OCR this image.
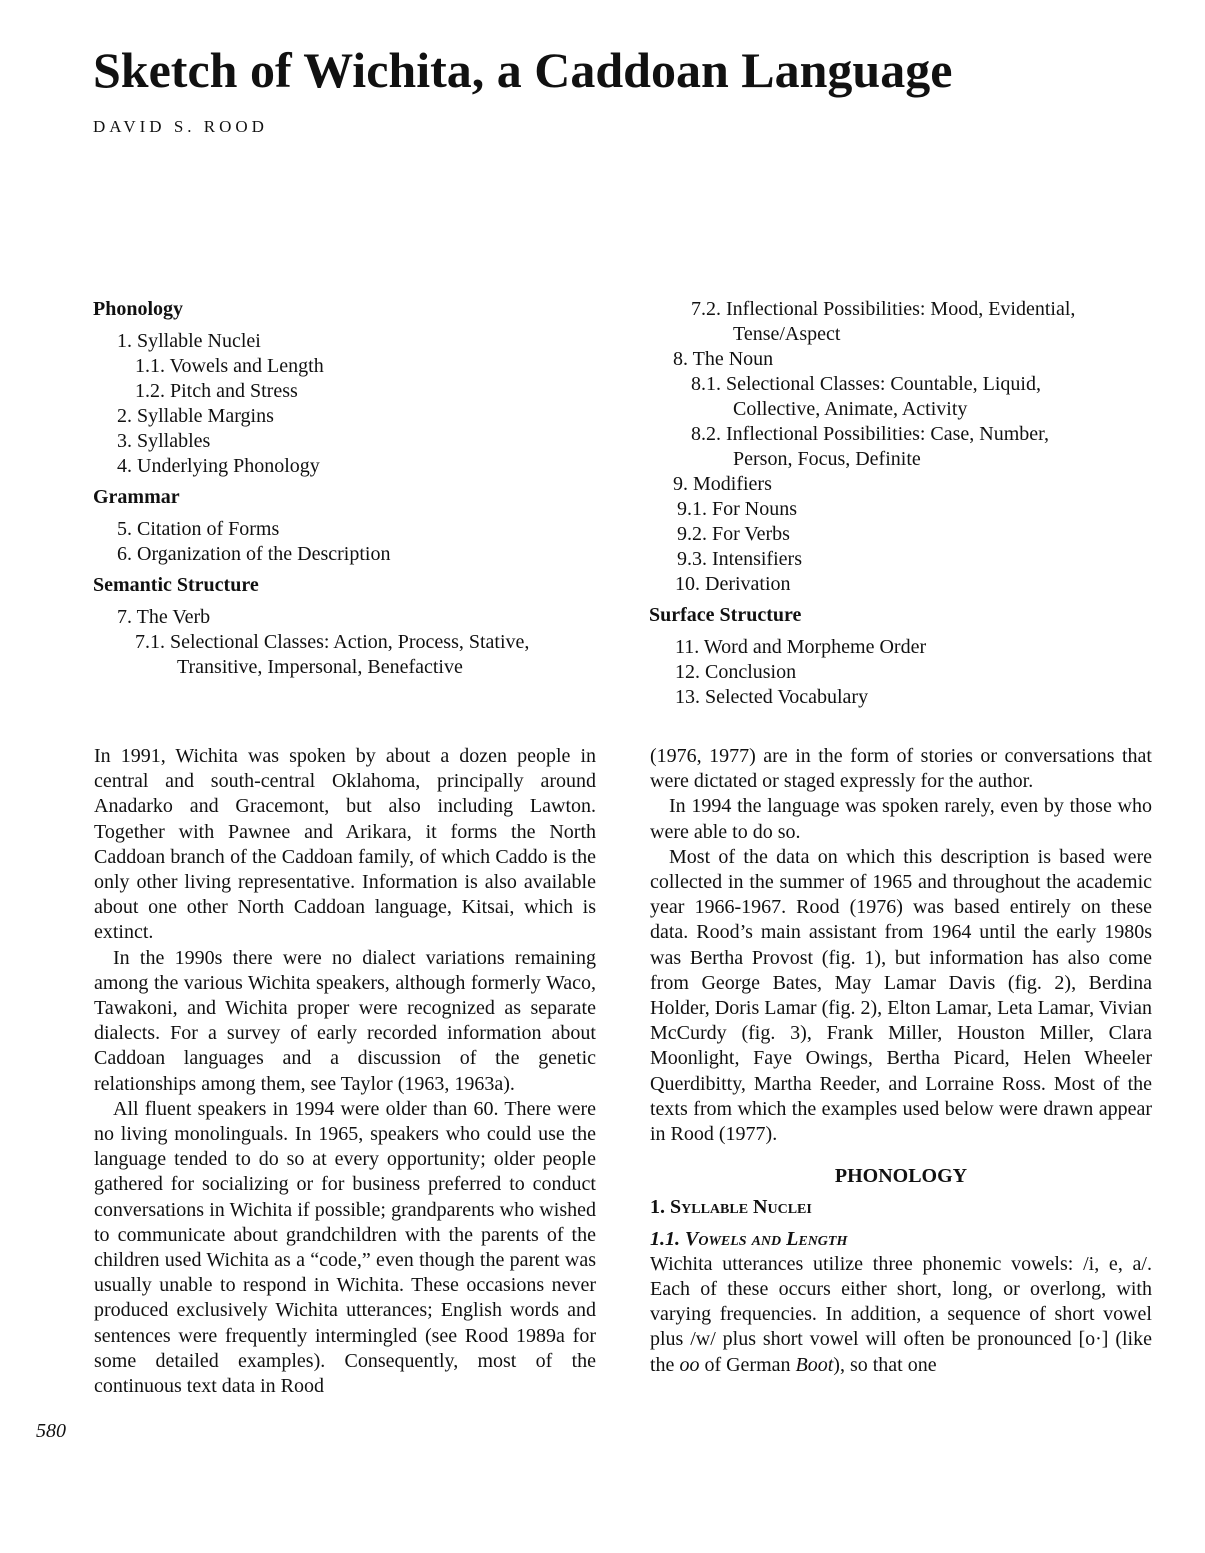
Sketch of Wichita, a Caddoan Language
DAVID S. ROOD
Phonology
1. Syllable Nuclei
1.1. Vowels and Length
1.2. Pitch and Stress
2. Syllable Margins
3. Syllables
4. Underlying Phonology
Grammar
5. Citation of Forms
6. Organization of the Description
Semantic Structure
7. The Verb
7.1. Selectional Classes: Action, Process, Stative,
Transitive, Impersonal, Benefactive
7.2. Inflectional Possibilities: Mood, Evidential,
Tense/Aspect
8. The Noun
8.1. Selectional Classes: Countable, Liquid,
Collective, Animate, Activity
8.2. Inflectional Possibilities: Case, Number,
Person, Focus, Definite
9. Modifiers
9.1. For Nouns
9.2. For Verbs
9.3. Intensifiers
10. Derivation
Surface Structure
11. Word and Morpheme Order
12. Conclusion
13. Selected Vocabulary

In 1991, Wichita was spoken by about a dozen people in central and south-central Oklahoma, principally around Anadarko and Gracemont, but also including Lawton. Together with Pawnee and Arikara, it forms the North Caddoan branch of the Caddoan family, of which Caddo is the only other living representative. Information is also available about one other North Caddoan language, Kitsai, which is extinct.

In the 1990s there were no dialect variations remaining among the various Wichita speakers, although formerly Waco, Tawakoni, and Wichita proper were recognized as separate dialects. For a survey of early recorded information about Caddoan languages and a discussion of the genetic relationships among them, see Taylor (1963, 1963a).

All fluent speakers in 1994 were older than 60. There were no living monolinguals. In 1965, speakers who could use the language tended to do so at every opportunity; older people gathered for socializing or for business preferred to conduct conversations in Wichita if possible; grandparents who wished to communicate about grandchildren with the parents of the children used Wichita as a “code,” even though the parent was usually unable to respond in Wichita. These occasions never produced exclusively Wichita utterances; English words and sentences were frequently intermingled (see Rood 1989a for some detailed examples). Consequently, most of the continuous text data in Rood

(1976, 1977) are in the form of stories or conversations that were dictated or staged expressly for the author.

In 1994 the language was spoken rarely, even by those who were able to do so.

Most of the data on which this description is based were collected in the summer of 1965 and throughout the academic year 1966-1967. Rood (1976) was based entirely on these data. Rood’s main assistant from 1964 until the early 1980s was Bertha Provost (fig. 1), but information has also come from George Bates, May Lamar Davis (fig. 2), Berdina Holder, Doris Lamar (fig. 2), Elton Lamar, Leta Lamar, Vivian McCurdy (fig. 3), Frank Miller, Houston Miller, Clara Moonlight, Faye Owings, Bertha Picard, Helen Wheeler Querdibitty, Martha Reeder, and Lorraine Ross. Most of the texts from which the examples used below were drawn appear in Rood (1977).

PHONOLOGY
1. Syllable Nuclei
1.1. Vowels and Length

Wichita utterances utilize three phonemic vowels: /i, e, a/. Each of these occurs either short, long, or overlong, with varying frequencies. In addition, a sequence of short vowel plus /w/ plus short vowel will often be pronounced [o·] (like the oo of German Boot), so that one

580
